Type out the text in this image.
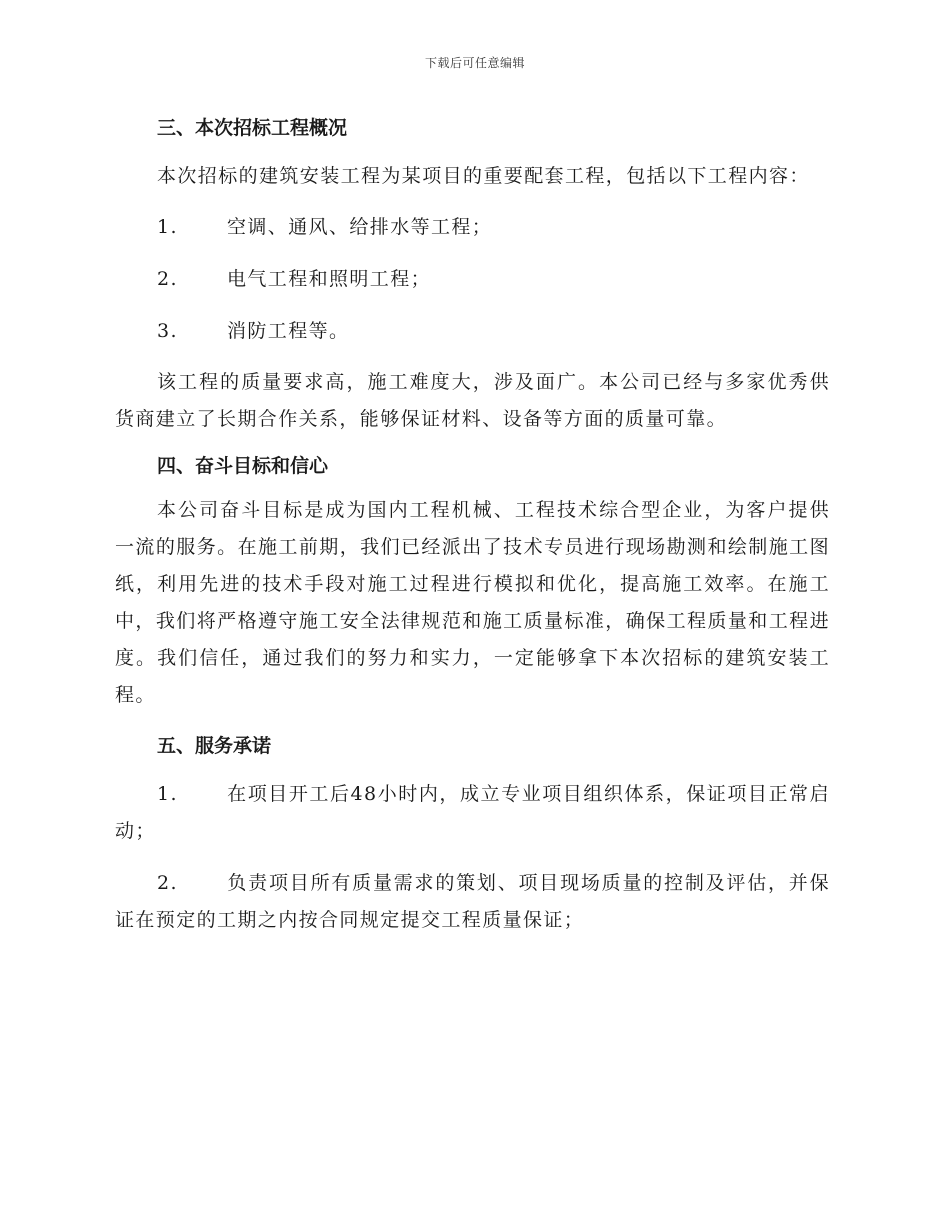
下载后可任意编辑
三、本次招标工程概况

本次招标的建筑安装工程为某项目的重要配套工程，包括以下工程内容：

1.	空调、通风、给排水等工程；

2.	电气工程和照明工程；

3.	消防工程等。

该工程的质量要求高，施工难度大，涉及面广。本公司已经与多家优秀供货商建立了长期合作关系，能够保证材料、设备等方面的质量可靠。

四、奋斗目标和信心

本公司奋斗目标是成为国内工程机械、工程技术综合型企业，为客户提供一流的服务。在施工前期，我们已经派出了技术专员进行现场勘测和绘制施工图纸，利用先进的技术手段对施工过程进行模拟和优化，提高施工效率。在施工中，我们将严格遵守施工安全法律规范和施工质量标准，确保工程质量和工程进度。我们信任，通过我们的努力和实力，一定能够拿下本次招标的建筑安装工程。

五、服务承诺

1.	在项目开工后48小时内，成立专业项目组织体系，保证项目正常启动；

2.	负责项目所有质量需求的策划、项目现场质量的控制及评估，并保证在预定的工期之内按合同规定提交工程质量保证；
